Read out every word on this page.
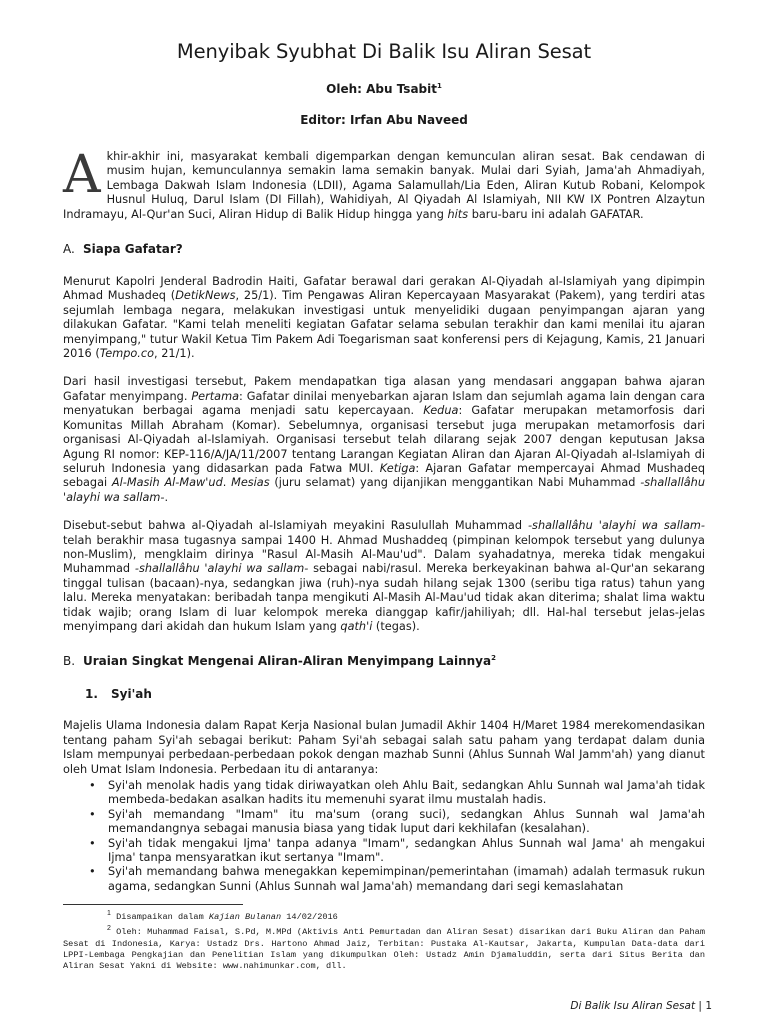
Menyibak Syubhat Di Balik Isu Aliran Sesat
Oleh: Abu Tsabit$^1$
Editor: Irfan Abu Naveed

Akhir-akhir ini, masyarakat kembali digemparkan dengan kemunculan aliran sesat. Bak cendawan di musim hujan, kemunculannya semakin lama semakin banyak. Mulai dari Syiah, Jama'ah Ahmadiyah, Lembaga Dakwah Islam Indonesia (LDII), Agama Salamullah/Lia Eden, Aliran Kutub Robani, Kelompok Husnul Huluq, Darul Islam (DI Fillah), Wahidiyah, Al Qiyadah Al Islamiyah, NII KW IX Pontren Alzaytun Indramayu, Al-Qur'an Suci, Aliran Hidup di Balik Hidup hingga yang hits baru-baru ini adalah GAFATAR.

A. Siapa Gafatar?

Menurut Kapolri Jenderal Badrodin Haiti, Gafatar berawal dari gerakan Al-Qiyadah al-Islamiyah yang dipimpin Ahmad Mushadeq (DetikNews, 25/1). Tim Pengawas Aliran Kepercayaan Masyarakat (Pakem), yang terdiri atas sejumlah lembaga negara, melakukan investigasi untuk menyelidiki dugaan penyimpangan ajaran yang dilakukan Gafatar. "Kami telah meneliti kegiatan Gafatar selama sebulan terakhir dan kami menilai itu ajaran menyimpang," tutur Wakil Ketua Tim Pakem Adi Toegarisman saat konferensi pers di Kejagung, Kamis, 21 Januari 2016 (Tempo.co, 21/1).

Dari hasil investigasi tersebut, Pakem mendapatkan tiga alasan yang mendasari anggapan bahwa ajaran Gafatar menyimpang. Pertama: Gafatar dinilai menyebarkan ajaran Islam dan sejumlah agama lain dengan cara menyatukan berbagai agama menjadi satu kepercayaan. Kedua: Gafatar merupakan metamorfosis dari Komunitas Millah Abraham (Komar). Sebelumnya, organisasi tersebut juga merupakan metamorfosis dari organisasi Al-Qiyadah al-Islamiyah. Organisasi tersebut telah dilarang sejak 2007 dengan keputusan Jaksa Agung RI nomor: KEP-116/A/JA/11/2007 tentang Larangan Kegiatan Aliran dan Ajaran Al-Qiyadah al-Islamiyah di seluruh Indonesia yang didasarkan pada Fatwa MUI. Ketiga: Ajaran Gafatar mempercayai Ahmad Mushadeq sebagai Al-Masih Al-Maw'ud. Mesias (juru selamat) yang dijanjikan menggantikan Nabi Muhammad -shallallâhu 'alayhi wa sallam-.

Disebut-sebut bahwa al-Qiyadah al-Islamiyah meyakini Rasulullah Muhammad -shallallâhu 'alayhi wa sallam- telah berakhir masa tugasnya sampai 1400 H. Ahmad Mushaddeq (pimpinan kelompok tersebut yang dulunya non-Muslim), mengklaim dirinya "Rasul Al-Masih Al-Mau'ud". Dalam syahadatnya, mereka tidak mengakui Muhammad -shallallâhu 'alayhi wa sallam- sebagai nabi/rasul. Mereka berkeyakinan bahwa al-Qur'an sekarang tinggal tulisan (bacaan)-nya, sedangkan jiwa (ruh)-nya sudah hilang sejak 1300 (seribu tiga ratus) tahun yang lalu. Mereka menyatakan: beribadah tanpa mengikuti Al-Masih Al-Mau'ud tidak akan diterima; shalat lima waktu tidak wajib; orang Islam di luar kelompok mereka dianggap kafir/jahiliyah; dll. Hal-hal tersebut jelas-jelas menyimpang dari akidah dan hukum Islam yang qath'i (tegas).

B. Uraian Singkat Mengenai Aliran-Aliran Menyimpang Lainnya$^2$
1.	Syi'ah

Majelis Ulama Indonesia dalam Rapat Kerja Nasional bulan Jumadil Akhir 1404 H/Maret 1984 merekomendasikan tentang paham Syi'ah sebagai berikut: Paham Syi'ah sebagai salah satu paham yang terdapat dalam dunia Islam mempunyai perbedaan-perbedaan pokok dengan mazhab Sunni (Ahlus Sunnah Wal Jamm'ah) yang dianut oleh Umat Islam Indonesia. Perbedaan itu di antaranya:

• Syi'ah menolak hadis yang tidak diriwayatkan oleh Ahlu Bait, sedangkan Ahlu Sunnah wal Jama'ah tidak membeda-bedakan asalkan hadits itu memenuhi syarat ilmu mustalah hadis.
• Syi'ah memandang "Imam" itu ma'sum (orang suci), sedangkan Ahlus Sunnah wal Jama'ah memandangnya sebagai manusia biasa yang tidak luput dari kekhilafan (kesalahan).
• Syi'ah tidak mengakui Ijma' tanpa adanya "Imam", sedangkan Ahlus Sunnah wal Jama' ah mengakui Ijma' tanpa mensyaratkan ikut sertanya "Imam".
• Syi'ah memandang bahwa menegakkan kepemimpinan/pemerintahan (imamah) adalah termasuk rukun agama, sedangkan Sunni (Ahlus Sunnah wal Jama'ah) memandang dari segi kemaslahatan

$^1$ Disampaikan dalam Kajian Bulanan 14/02/2016

$^2$ Oleh: Muhammad Faisal, S.Pd, M.MPd (Aktivis Anti Pemurtadan dan Aliran Sesat) disarikan dari Buku Aliran dan Paham Sesat di Indonesia, Karya: Ustadz Drs. Hartono Ahmad Jaiz, Terbitan: Pustaka Al-Kautsar, Jakarta, Kumpulan Data-data dari LPPI-Lembaga Pengkajian dan Penelitian Islam yang dikumpulkan Oleh: Ustadz Amin Djamaluddin, serta dari Situs Berita dan Aliran Sesat Yakni di Website: www.nahimunkar.com, dll.

Di Balik Isu Aliran Sesat | 1
